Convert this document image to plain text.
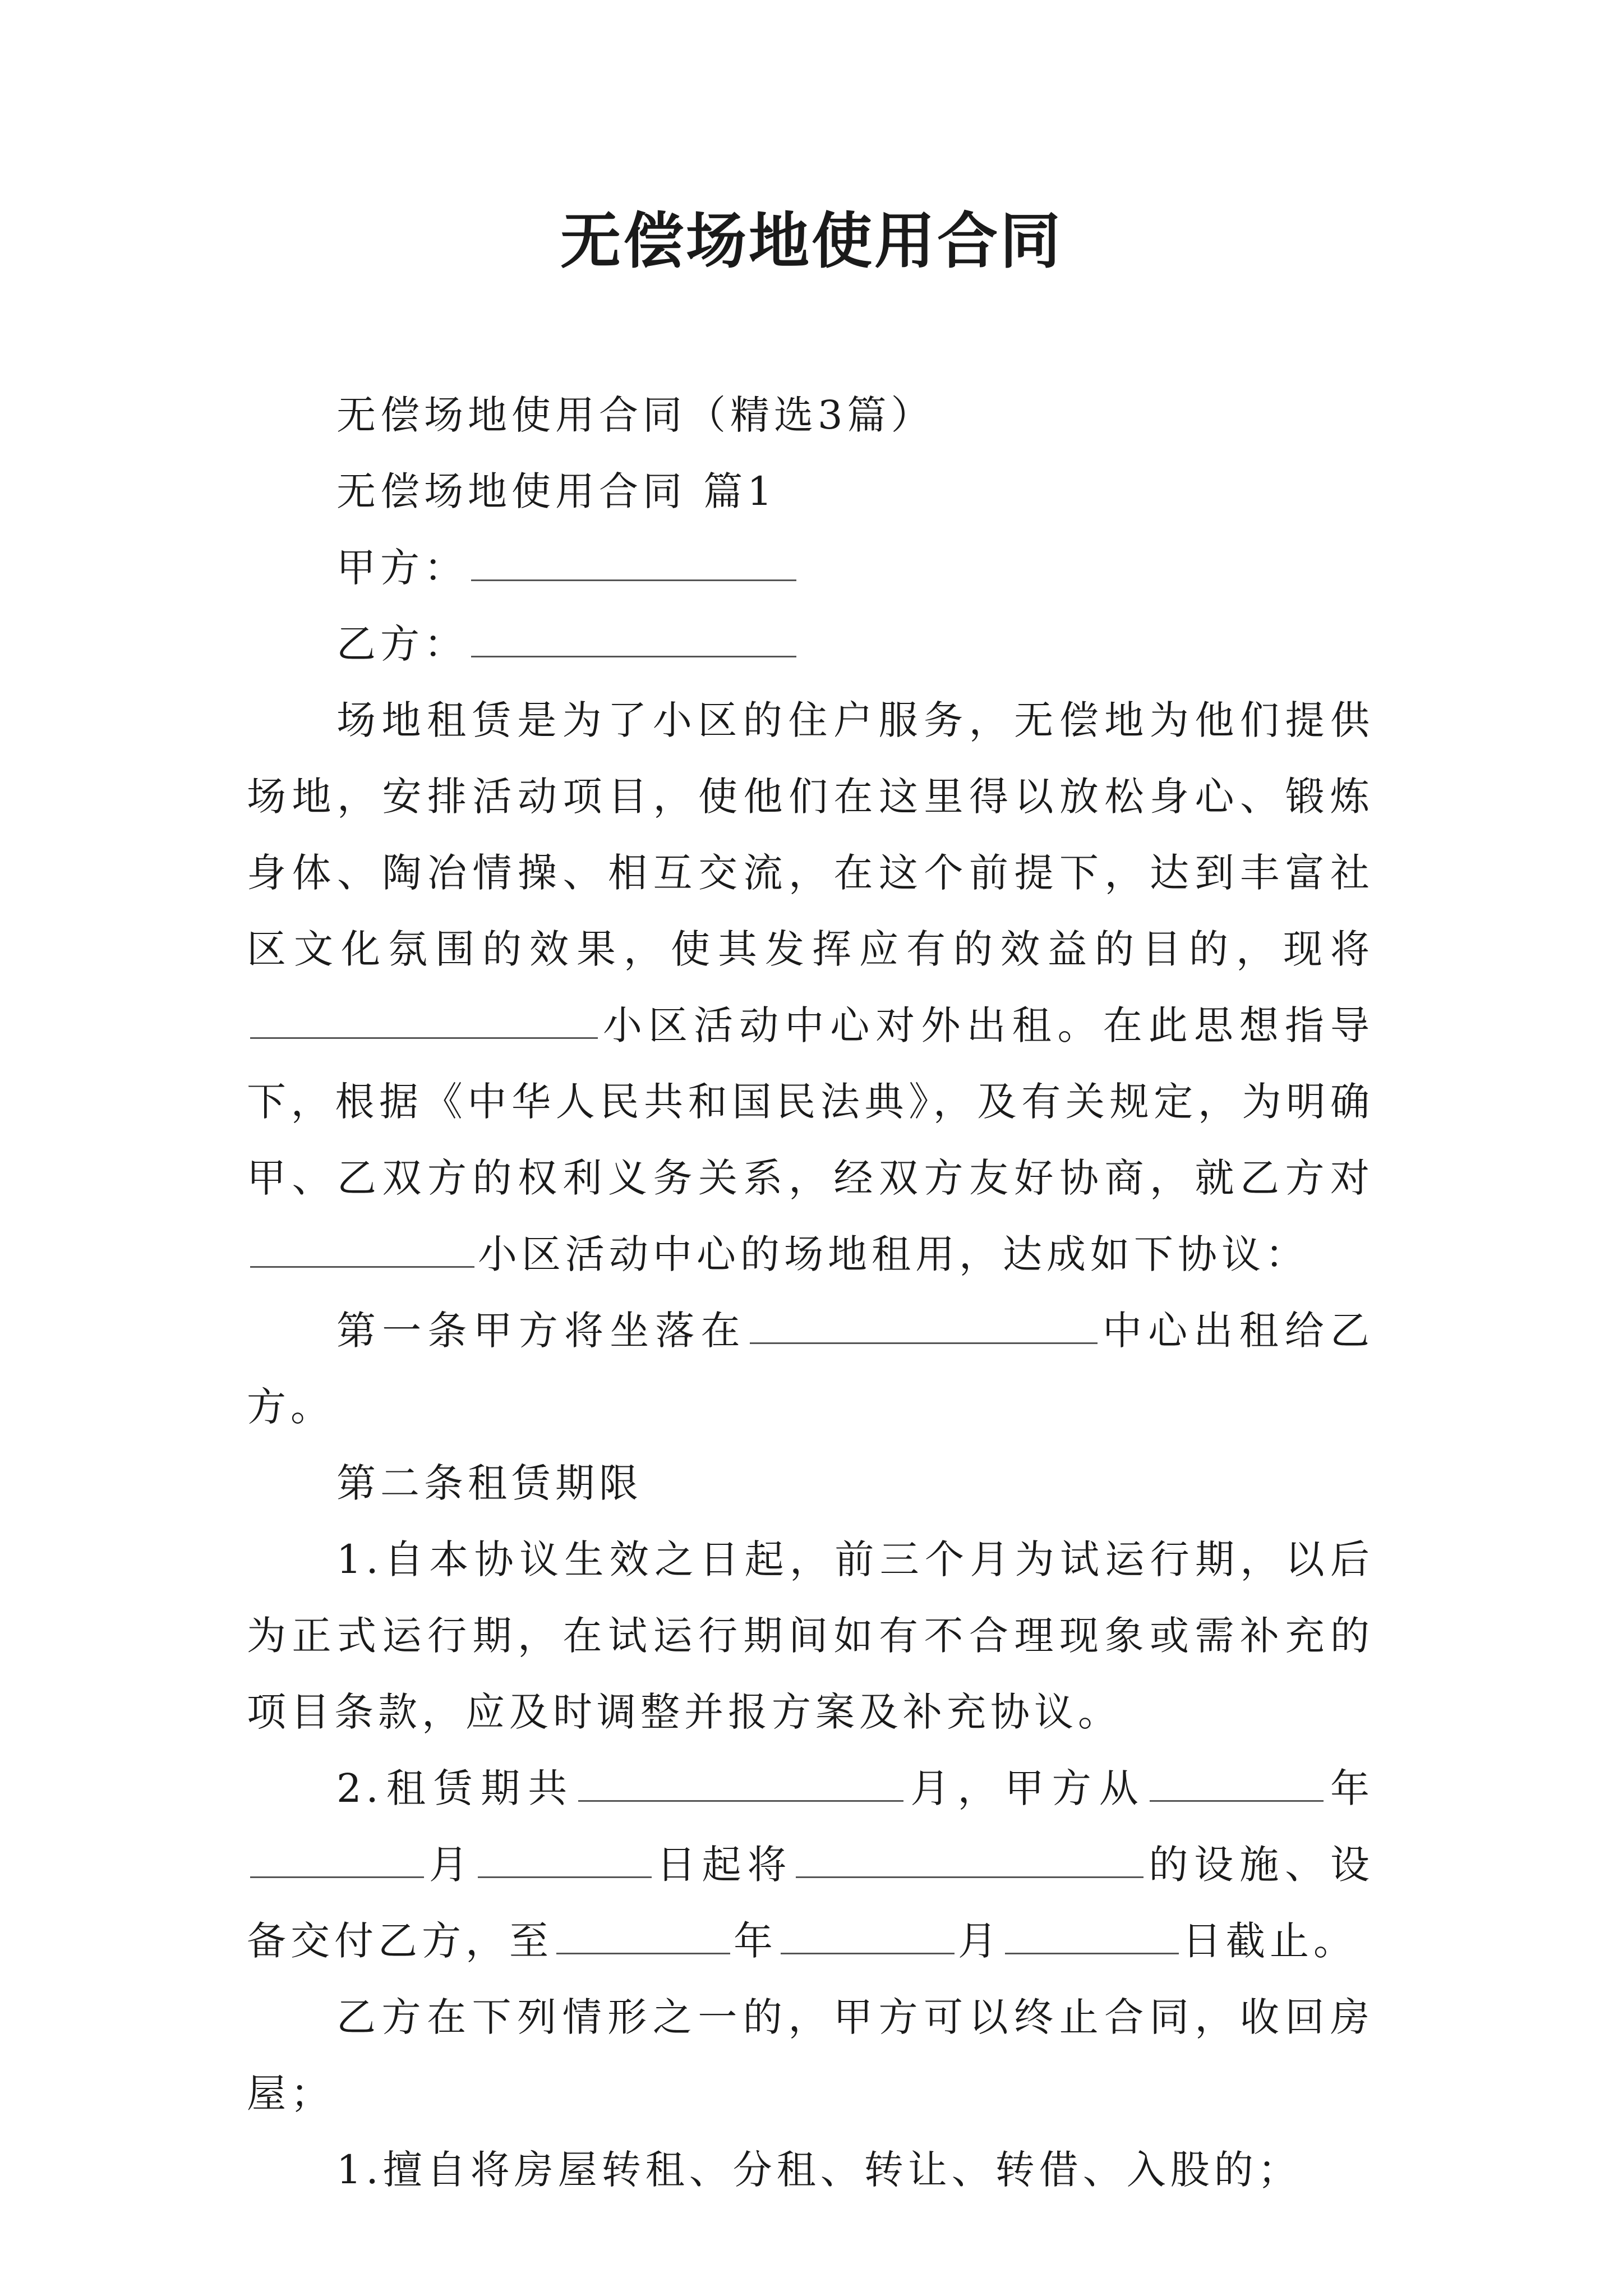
无偿场地使用合同

无偿场地使用合同（精选3篇）

无偿场地使用合同 篇1

甲方：

乙方：

场地租赁是为了小区的住户服务，无偿地为他们提供场地，安排活动项目，使他们在这里得以放松身心、锻炼身体、陶冶情操、相互交流，在这个前提下，达到丰富社区文化氛围的效果，使其发挥应有的效益的目的，现将小区活动中心对外出租。在此思想指导下，根据《中华人民共和国民法典》，及有关规定，为明确甲、乙双方的权利义务关系，经双方友好协商，就乙方对小区活动中心的场地租用，达成如下协议：

第一条甲方将坐落在	中心出租给乙方。

第二条租赁期限

1.自本协议生效之日起，前三个月为试运行期，以后为正式运行期，在试运行期间如有不合理现象或需补充的项目条款，应及时调整并报方案及补充协议。

2.租赁期共	月，甲方从	年月	日起将	的设施、设备交付乙方，至	年	月	日截止。

乙方在下列情形之一的，甲方可以终止合同，收回房屋；

1.擅自将房屋转租、分租、转让、转借、入股的；
